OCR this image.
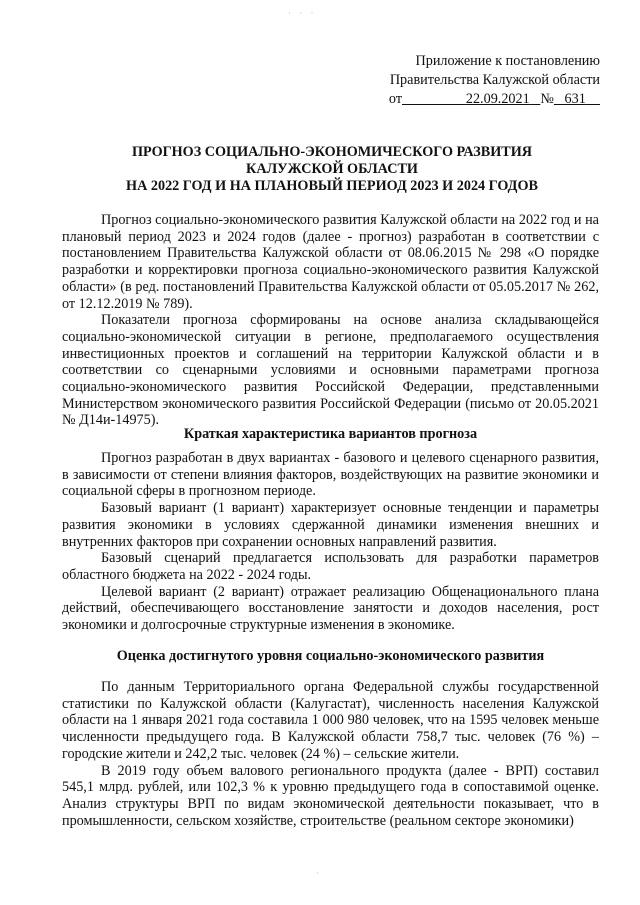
· · ·
·
Приложение к постановлению
Правительства Калужской области
от	22.09.2021 № 631
ПРОГНОЗ СОЦИАЛЬНО-ЭКОНОМИЧЕСКОГО РАЗВИТИЯ
КАЛУЖСКОЙ ОБЛАСТИ
НА 2022 ГОД И НА ПЛАНОВЫЙ ПЕРИОД 2023 И 2024 ГОДОВ

Прогноз социально-экономического развития Калужской области на 2022 год и на плановый период 2023 и 2024 годов (далее - прогноз) разработан в соответствии с постановлением Правительства Калужской области от 08.06.2015 № 298 «О порядке разработки и корректировки прогноза социально-экономического развития Калужской области» (в ред. постановлений Правительства Калужской области от 05.05.2017 № 262, от 12.12.2019 № 789).

Показатели прогноза сформированы на основе анализа складывающейся социально-экономической ситуации в регионе, предполагаемого осуществления инвестиционных проектов и соглашений на территории Калужской области и в соответствии со сценарными условиями и основными параметрами прогноза социально-экономического развития Российской Федерации, представленными Министерством экономического развития Российской Федерации (письмо от 20.05.2021 № Д14и-14975).

Краткая характеристика вариантов прогноза

Прогноз разработан в двух вариантах - базового и целевого сценарного развития, в зависимости от степени влияния факторов, воздействующих на развитие экономики и социальной сферы в прогнозном периоде.

Базовый вариант (1 вариант) характеризует основные тенденции и параметры развития экономики в условиях сдержанной динамики изменения внешних и внутренних факторов при сохранении основных направлений развития.

Базовый сценарий предлагается использовать для разработки параметров областного бюджета на 2022 - 2024 годы.

Целевой вариант (2 вариант) отражает реализацию Общенационального плана действий, обеспечивающего восстановление занятости и доходов населения, рост экономики и долгосрочные структурные изменения в экономике.

Оценка достигнутого уровня социально-экономического развития

По данным Территориального органа Федеральной службы государственной статистики по Калужской области (Калугастат), численность населения Калужской области на 1 января 2021 года составила 1 000 980 человек, что на 1595 человек меньше численности предыдущего года. В Калужской области 758,7 тыс. человек (76 %) – городские жители и 242,2 тыс. человек (24 %) – сельские жители.

В 2019 году объем валового регионального продукта (далее - ВРП) составил 545,1 млрд. рублей, или 102,3 % к уровню предыдущего года в сопоставимой оценке. Анализ структуры ВРП по видам экономической деятельности показывает, что в промышленности, сельском хозяйстве, строительстве (реальном секторе экономики)
